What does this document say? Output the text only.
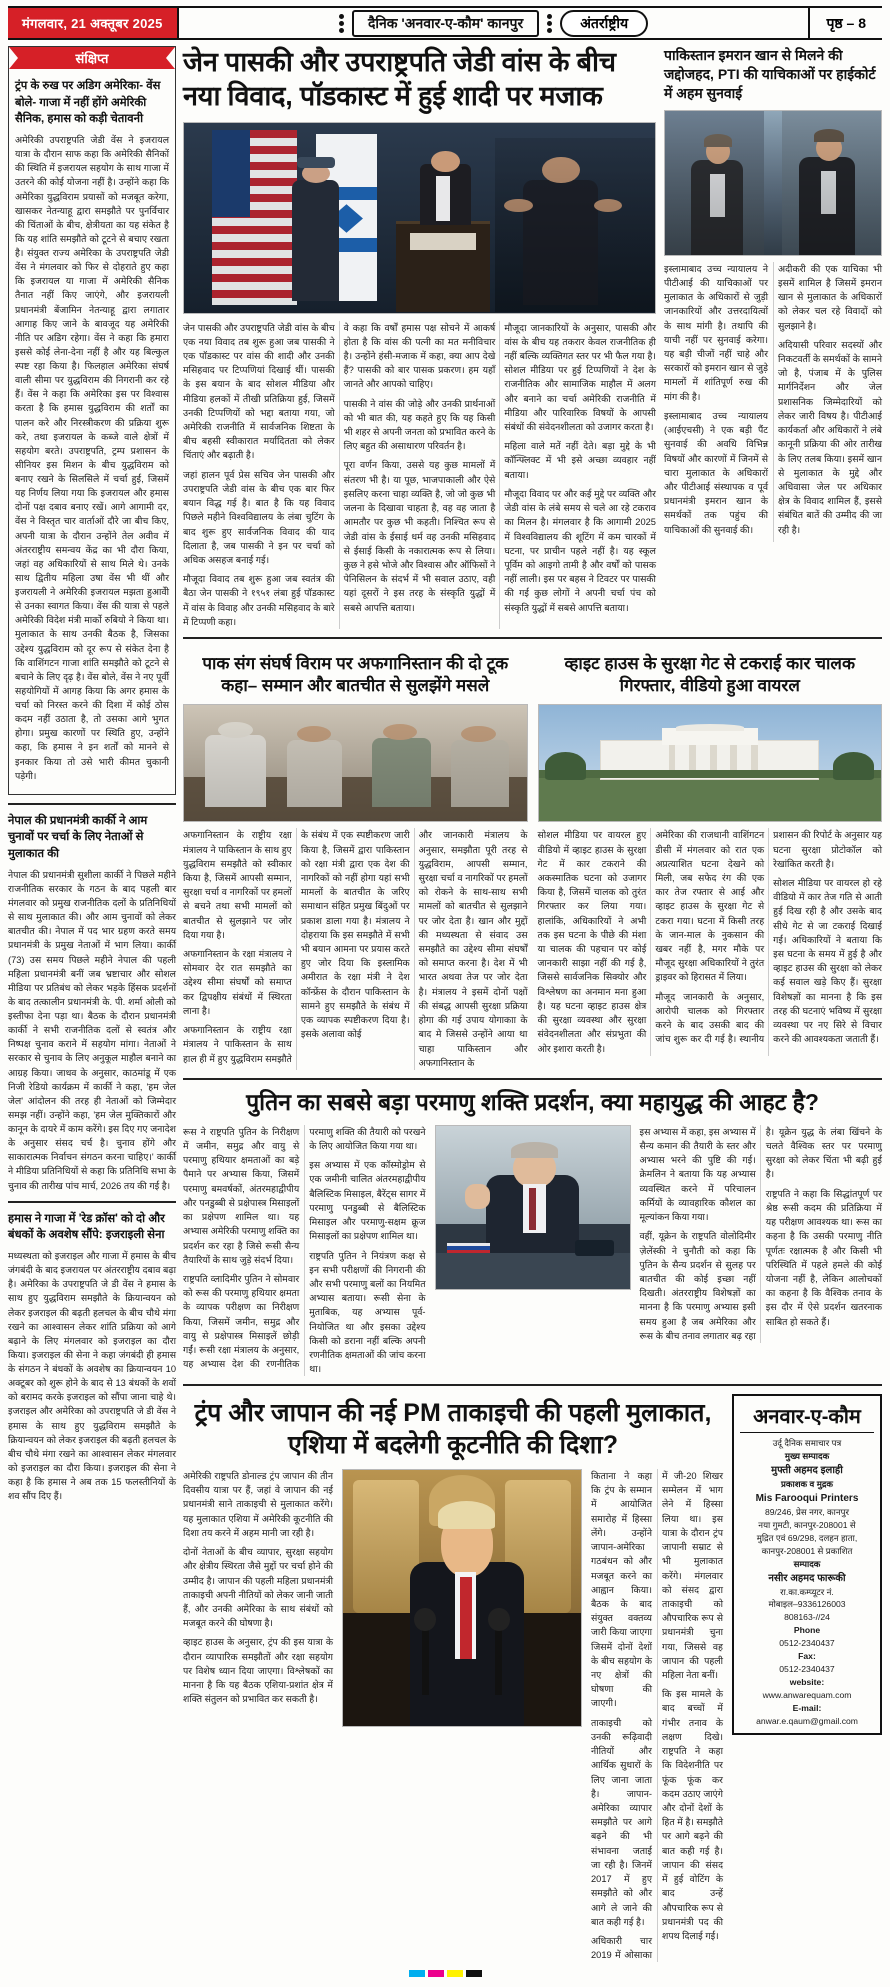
मंगलवार, 21 अक्तूबर 2025	दैनिक 'अनवार-ए-कौम' कानपुर	अंतर्राष्ट्रीय	पृष्ठ – 8
संक्षिप्त
ट्रंप के रुख पर अडिग अमेरिका- वेंस बोले- गाजा में नहीं होंगे अमेरिकी सैनिक, हमास को कड़ी चेतावनी
अमेरिकी उपराष्ट्रपति जेडी वेंस ने इजरायल यात्रा के दौरान साफ कहा कि अमेरिकी सैनिकों की स्थिति में इजरायल सहयोग के साथ गाजा में उतरने की कोई योजना नहीं है। उन्होंने कहा कि अमेरिका युद्धविराम प्रयासों को मजबूत करेगा, खासकर नेतन्याहू द्वारा समझौते पर पुनर्विचार की चिंताओं के बीच, क्षेत्रीयता का यह संकेत है कि यह शांति समझौते को टूटने से बचाए रखता है। संयुक्त राज्य अमेरिका के उपराष्ट्रपति जेडी वेंस ने मंगलवार को फिर से दोहराते हुए कहा कि इजरायल या गाजा में अमेरिकी सैनिक तैनात नहीं किए जाएंगे, और इजरायली प्रधानमंत्री बेंजामिन नेतन्याहू द्वारा लगातार आगाह किए जाने के बावजूद यह अमेरिकी नीति पर अडिग रहेगा। वेंस ने कहा कि हमारा इससे कोई लेना-देना नहीं है और यह बिल्कुल स्पष्ट रहा किया है। फिलहाल अमेरिका संघर्ष वाली सीमा पर युद्धविराम की निगरानी कर रहे हैं। वेंस ने कहा कि अमेरिका इस पर विश्वास करता है कि हमास युद्धविराम की शर्तों का पालन करे और निरस्त्रीकरण की प्रक्रिया शुरू करे, तथा इजरायल के कब्जे वाले क्षेत्रों में सहयोग बरते। उपराष्ट्रपति, ट्रम्प प्रशासन के सीनियर इस मिशन के बीच युद्धविराम को बनाए रखने के सिलसिले में चर्चा हुई, जिसमें यह निर्णय लिया गया कि इजरायल और हमास दोनों पक्ष दबाव बनाए रखें। आगे आगामी दर, वेंस ने विस्तृत चार वार्ताओं दौरे जा बीच किए, अपनी यात्रा के दौरान उन्होंने तेल अवीव में अंतरराष्ट्रीय समन्वय केंद्र का भी दौरा किया, जहां वह अधिकारियों से साथ मिले थे। उनके साथ द्वितीय महिला उषा वेंस भी थीं और इजरायली ने अमेरिकी इजरायल मझता हुआवेी से उनका स्वागत किया। वेंस की यात्रा से पहले अमेरिकी विदेश मंत्री मार्को रुबियो ने किया था। मुलाकात के साथ उनकी बैठक है, जिसका उद्देश्य युद्धविराम को दूर रूप से संकेत देना है कि वाशिंगटन गाजा शांति समझौते को टूटने से बचाने के लिए दृढ़ है। वेंस बोले, वेंस ने नए पूर्वी सहयोगियों में आगह किया कि अगर हमास के चर्चा को निरस्त करने की दिशा में कोई ठोस कदम नहीं उठाता है, तो उसका आगे भुगत होगा। प्रमुख कारणों पर स्थिति हुए, उन्होंने कहा, कि हमास ने इन शर्तों को मानने से इनकार किया तो उसे भारी कीमत चुकानी पड़ेगी।
नेपाल की प्रधानमंत्री कार्की ने आम चुनावों पर चर्चा के लिए नेताओं से मुलाकात की
नेपाल की प्रधानमंत्री सुशीला कार्की ने पिछले महीने राजनीतिक सरकार के गठन के बाद पहली बार मंगलवार को प्रमुख राजनीतिक दलों के प्रतिनिधियों से साथ मुलाकात की। और आम चुनावों को लेकर बातचीत की। नेपाल में पद भार ग्रहण करते समय प्रधानमंत्री के प्रमुख नेताओं में भाग लिया। कार्की (73) उस समय पिछले महीने नेपाल की पहली महिला प्रधानमंत्री बनीं जब भ्रष्टाचार और सोशल मीडिया पर प्रतिबंध को लेकर भड़के हिंसक प्रदर्शनों के बाद तत्कालीन प्रधानमंत्री के. पी. शर्मा ओली को इस्तीफा देना पड़ा था। बैठक के दौरान प्रधानमंत्री कार्की ने सभी राजनीतिक दलों से स्वतंत्र और निष्पक्ष चुनाव कराने में सहयोग मांगा। नेताओं ने सरकार से चुनाव के लिए अनुकूल माहौल बनाने का आग्रह किया। जाधव के अनुसार, काठमांडू में एक निजी रेडियो कार्यक्रम में कार्की ने कहा, 'हम जेल जेल' आंदोलन की तरह ही नेताओं को जिम्मेदार समझ नहीं। उन्होंने कहा, 'हम जेल मुक्तिकारों और कानून के दायरे में काम करेंगे। इस दिए गए जनादेश के अनुसार संसद चर्च है। चुनाव होंगे और साकारात्मक निर्वाचन संगठन करना चाहिए।' कार्की ने मीडिया प्रतिनिधियों से कहा कि प्रतिनिधि सभा के चुनाव की तारीख पांच मार्च, 2026 तय की गई है।
हमास ने गाजा में 'रेड क्रॉस' को दो और बंधकों के अवशेष सौंपे: इजराइली सेना
मध्यस्थता को इजराइल और गाजा में हमास के बीच जंगबंदी के बाद इजरायल पर अंतरराष्ट्रीय दबाव बढ़ा है। अमेरिका के उपराष्ट्रपति जे डी वेंस ने हमास के साथ हुए युद्धविराम समझौते के क्रियान्वयन को लेकर इजराइल की बढ़ती हलचल के बीच चौथे मंगा रखने का आश्वासन लेकर शांति प्रक्रिया को आगे बढ़ाने के लिए मंगलवार को इजराइल का दौरा किया। इजराइल की सेना ने कहा जंगबंदी ही हमास के संगठन ने बंधकों के अवशेष का क्रियान्वयन 10 अक्टूबर को शुरू होने के बाद से 13 बंधकों के शवों को बरामद करके इजराइल को सौंपा जाना चाहे थे। इजराइल और अमेरिका को उपराष्ट्रपति जे डी वेंस ने हमास के साथ हुए युद्धविराम समझौते के क्रियान्वयन को लेकर इजराइल की बढ़ती हलचल के बीच चौथे मंगा रखने का आश्वासन लेकर मंगलवार को इजराइल का दौरा किया। इजराइल की सेना ने कहा है कि हमास ने अब तक 15 फलस्तीनियों के शव सौंप दिए हैं।
जेन पासकी और उपराष्ट्रपति जेडी वांस के बीच नया विवाद, पॉडकास्ट में हुई शादी पर मजाक

जेन पासकी और उपराष्ट्रपति जेडी वांस के बीच एक नया विवाद तब शुरू हुआ जब पासकी ने एक पॉडकास्ट पर वांस की शादी और उनकी मसिहवाद पर टिप्पणियां दिखाई थीं। पासकी के इस बयान के बाद सोशल मीडिया और मीडिया हलकों में तीखी प्रतिक्रिया हुई, जिसमें उनकी टिप्पणियों को भद्दा बताया गया, जो अमेरिकी राजनीति में सार्वजनिक शिष्टता के बीच बहसी स्वीकारात मर्यादितता को लेकर चिंताएं और बढ़ाती है।

जहां हालन पूर्व प्रेस सचिव जेन पासकी और उपराष्ट्रपति जेडी वांस के बीच एक बार फिर बयान विद्ध गई है। बात है कि यह विवाद पिछले महीने विश्वविद्यालय के लंबा चुटिंग के बाद शुरू हुए सार्वजनिक विवाद की याद दिलाता है, जब पासकी ने इन पर चर्चा को अधिक असहज बनाई गई।

मौजूदा विवाद तब शुरू हुआ जब स्वतंत्र की बैठा जेन पासकी ने १९५१ लंबा हुई पॉडकास्ट में वांस के विवाह और उनकी मसिहवाद के बारे में टिप्पणी कहा।

वे कहा कि वर्षों हमास पक्ष सोचने में आकर्ष होता है कि वांस की पत्नी का मत मनीविचार है। उन्होंने हंसी-मजाक में कहा, क्या आप देखे हैं? पासकी को बार पासक प्रकरण। हम यहाँ जानते और आपको चाहिए।

पासकी ने वांस की जोड़े और उनकी प्रार्थनाओं को भी बात की, यह कहते हुए कि यह किसी भी शहर से अपनी जनता को प्रभावित करने के लिए बहुत की असाधारण परिवर्तन है।

पूरा वर्णन किया, उससे यह कुछ मामलों में संतरण भी है। या पूछ, भाजपाकाली और ऐसे इसलिए करना चाहा व्यक्ति है, जो जो कुछ भी जलना के दिखावा चाहता है, वह वह जाता है आमतौर पर कुछ भी कहती। निश्चित रूप से जेडी वांस के ईसाई धर्म वह उनकी मसिहवाद से ईसाई किसी के नकारात्मक रूप से लिया। कुछ ने हसे भोजे और विश्वास और ऑफिसों ने पेनिसिलन के संदर्भ में भी सवाल उठाए, वही यहां दूसरों ने इस तरह के संस्कृति युद्धों में सबसे आपत्ति बताया।

मौजूदा जानकारियों के अनुसार, पासकी और वांस के बीच यह तकरार केवल राजनीतिक ही नहीं बल्कि व्यक्तिगत स्तर पर भी फैल गया है। सोशल मीडिया पर हुई टिप्पणियों ने देश के राजनीतिक और सामाजिक माहौल में अलग और बनाने का चर्चा अमेरिकी राजनीति में मीडिया और पारिवारिक विषयों के आपसी संबंधों की संवेदनशीलता को उजागर करता है।

महिला वाले मतें नहीं देते। बड़ा मुद्दे के भी कॉन्फ्लिक्ट में भी इसे अच्छा व्यवहार नहीं बताया।

मौजूदा विवाद पर और कई मुद्दे पर व्यक्ति और जेडी वांस के लंबे समय से चले आ रहे टकराव का मिलन है। मंगलवार है कि आगामी 2025 में विश्वविद्यालय की शूटिंग में कम चारकों में घटना, पर प्राचीन पहले नहीं है। यह स्कूल पूर्विम को आइगो तामी है और वर्षों को पासक नहीं लाली। इस पर बहस ने टिवटर पर पासकी की गई कुछ लोगों ने अपनी चर्चा पंच को संस्कृति युद्धों में सबसे आपत्ति बताया।

पाकिस्तान इमरान खान से मिलने की जद्दोजहद, PTI की याचिकाओं पर हाईकोर्ट में अहम सुनवाई

इस्लामाबाद उच्च न्यायालय ने पीटीआई की याचिकाओं पर मुलाकात के अधिकारों से जुड़ी जानकारियों और उत्तरदायित्वों के साथ मांगी है। तथापि की याची नहीं पर सुनवाई करेगा। यह बड़ी चीजों नहीं चाहे और सरकारों को इमरान खान से जुड़े मामलों में शांतिपूर्ण रुख की मांग की है।

इस्लामाबाद उच्च न्यायालय (आईएचसी) ने एक बड़ी पैंट सुनवाई की अवधि विभिन्न विषयों और कारणों में जिनमें से चारा मुलाकात के अधिकारों और पीटीआई संस्थापक व पूर्व प्रधानमंत्री इमरान खान के समर्थकों तक पहुंच की याचिकाओं की सुनवाई की।

अदीकरी की एक याचिका भी इसमें शामिल है जिसमें इमरान खान से मुलाकात के अधिकारों को लेकर चल रहे विवादों को सुलझाने है।

अदियासी परिवार सदस्यों और निकटवर्ती के समर्थकों के सामने जो है, पंजाब में के पुलिस मार्गनिर्देशन और जेल प्रशासनिक जिम्मेदारियों को लेकर जारी विषय है। पीटीआई कार्यकर्ता और अधिकारों ने लंबे कानूनी प्रक्रिया की ओर तारीख के लिए तलब किया। इसमें खान से मुलाकात के मुद्दे और अधिवासा जेल पर अधिकार क्षेत्र के विवाद शामिल हैं, इससे संबंधित बातें की उम्मीद की जा रही है।

पाक संग संघर्ष विराम पर अफगानिस्तान की दो टूक कहा– सम्मान और बातचीत से सुलझेंगे मसले

अफगानिस्तान के राष्ट्रीय रक्षा मंत्रालय ने पाकिस्तान के साथ हुए युद्धविराम समझौते को स्वीकार किया है, जिसमें आपसी सम्मान, सुरक्षा चर्चा व नागरिकों पर हमलों से बचने तथा सभी मामलों को बातचीत से सुलझाने पर जोर दिया गया है।

अफगानिस्तान के रक्षा मंत्रालय ने सोमवार देर रात समझौते का उद्देश्य सीमा संघर्षों को समाप्त कर द्विपक्षीय संबंधों में स्थिरता लाना है।

अफगानिस्तान के राष्ट्रीय रक्षा मंत्रालय ने पाकिस्तान के साथ हाल ही में हुए युद्धविराम समझौते के संबंध में एक स्पष्टीकरण जारी किया है, जिसमें द्वारा पाकिस्तान को रक्षा मंत्री द्वारा एक देश की नागरिकों को नहीं होगा यहां सभी मामलों के बातचीत के जरिए समाधान संहित प्रमुख बिंदुओं पर प्रकाश डाला गया है। मंत्रालय ने दोहराया कि इस समझौते में सभी भी बयान आमना पर प्रयास करते हुए जोर दिया कि इस्लामिक अमीरात के रक्षा मंत्री ने देश कॉन्फ्रेंस के दौरान पाकिस्तान के सामने हुए समझौते के संबंध में एक व्यापक स्पष्टीकरण दिया है। इसके अलावा कोई

और जानकारी मंत्रालय के अनुसार, समझौता पूरी तरह से युद्धविराम, आपसी सम्मान, सुरक्षा चर्चा व नागरिकों पर हमलों को रोकने के साथ-साथ सभी मामलों को बातचीत से सुलझाने पर जोर देता है। खान और मुद्दों की मध्यस्थता से संवाद उस समझौते का उद्देश्य सीमा संघर्षों को समाप्त करना है। देश में भी भारत अथवा तेज पर जोर देता है। मंत्रालय ने इसमें दोनों पक्षों की संबद्ध आपसी सुरक्षा प्रक्रिया होगा की गई उपाय योगाकाा के बाद मे जिससे उन्होंने आया था चाहा पाकिस्तान और अफगानिस्तान के

व्हाइट हाउस के सुरक्षा गेट से टकराई कार चालक गिरफ्तार, वीडियो हुआ वायरल

सोशल मीडिया पर वायरल हुए वीडियो में व्हाइट हाउस के सुरक्षा गेट में कार टकराने की अकस्मातिक घटना को उजागर किया है, जिसमें चालक को तुरंत गिरफ्तार कर लिया गया। हालांकि, अधिकारियों ने अभी तक इस घटना के पीछे की मंशा या चालक की पहचान पर कोई जानकारी साझा नहीं की गई है, जिससे सार्वजनिक सिक्योर और विश्लेषण का अनमान मना हुआ है। यह घटना व्हाइट हाउस क्षेत्र की सुरक्षा व्यवस्था और सुरक्षा संवेदनशीलता और संप्रभुता की ओर इशारा करती है।

अमेरिका की राजधानी वाशिंगटन डीसी में मंगलवार को रात एक अप्रत्याशित घटना देखने को मिली, जब सफेद रंग की एक कार तेज रफ्तार से आई और व्हाइट हाउस के सुरक्षा गेट से टकरा गया। घटना में किसी तरह के जान-माल के नुकसान की खबर नहीं है, मगर मौके पर मौजूद सुरक्षा अधिकारियों ने तुरंत ड्राइवर को हिरासत में लिया।

मौजूद जानकारी के अनुसार, आरोपी चालक को गिरफ्तार करने के बाद उसकी बाद की जांच शुरू कर दी गई है। स्थानीय प्रशासन की रिपोर्ट के अनुसार यह घटना सुरक्षा प्रोटोकॉल को रेखांकित करती है।

सोशल मीडिया पर वायरल हो रहे वीडियो में कार तेज गति से आती हुई दिख रही है और उसके बाद सीधे गेट से जा टकराई दिखाई गई। अधिकारियों ने बताया कि इस घटना के समय में हुई है और व्हाइट हाउस की सुरक्षा को लेकर कई सवाल खड़े किए हैं। सुरक्षा विशेषज्ञों का मानना है कि इस तरह की घटनाएं भविष्य में सुरक्षा व्यवस्था पर नए सिरे से विचार करने की आवश्यकता जताती हैं।

पुतिन का सबसे बड़ा परमाणु शक्ति प्रदर्शन, क्या महायुद्ध की आहट है?

रूस ने राष्ट्रपति पुतिन के निरीक्षण में जमीन, समुद्र और वायु से परमाणु हथियार क्षमताओं का बड़े पैमाने पर अभ्यास किया, जिसमें परमाणु बमवर्षकों, अंतरमहाद्वीपीय और पनडुब्बी से प्रक्षेपास्त्र मिसाइलों का प्रक्षेपण शामिल था। यह अभ्यास अमेरिकी परमाणु शक्ति का प्रदर्शन कर रहा है जिसे रूसी सैन्य तैयारियों के साथ जुड़े संदर्भ दिया।

राष्ट्रपति व्लादिमीर पुतिन ने सोमवार को रूस की परमाणु हथियार क्षमता के व्यापक परीक्षण का निरीक्षण किया, जिसमें जमीन, समुद्र और वायु से प्रक्षेपास्त्र मिसाइलें छोड़ी गईं। रूसी रक्षा मंत्रालय के अनुसार, यह अभ्यास देश की रणनीतिक परमाणु शक्ति की तैयारी को परखने के लिए आयोजित किया गया था।

इस अभ्यास में एक कॉस्मोड्रोम से एक जमीनी चालित अंतरमहाद्वीपीय बैलिस्टिक मिसाइल, बैरेंट्स सागर में परमाणु पनडुब्बी से बैलिस्टिक मिसाइल और परमाणु-सक्षम क्रूज मिसाइलों का प्रक्षेपण शामिल था।

राष्ट्रपति पुतिन ने नियंत्रण कक्ष से इन सभी परीक्षणों की निगरानी की और सभी परमाणु बलों का नियमित अभ्यास बताया। रूसी सेना के मुताबिक, यह अभ्यास पूर्व-नियोजित था और इसका उद्देश्य किसी को डराना नहीं बल्कि अपनी रणनीतिक क्षमताओं की जांच करना था।

इस अभ्यास में कहा, इस अभ्यास में सैन्य कमान की तैयारी के स्तर और अभ्यास भरने की पुष्टि की गई। क्रेमलिन ने बताया कि यह अभ्यास व्यवस्थित करने में परिचालन कर्मियों के व्यावहारिक कौशल का मूल्यांकन किया गया।

वहीं, यूक्रेन के राष्ट्रपति वोलोदिमीर ज़ेलेंस्की ने चुनौती को कहा कि पुतिन के सैन्य प्रदर्शन से सुलह पर बातचीत की कोई इच्छा नहीं दिखती। अंतरराष्ट्रीय विशेषज्ञों का मानना है कि परमाणु अभ्यास इसी समय हुआ है जब अमेरिका और रूस के बीच तनाव लगातार बढ़ रहा है। यूक्रेन युद्ध के लंबा खिंचने के चलते वैश्विक स्तर पर परमाणु सुरक्षा को लेकर चिंता भी बढ़ी हुई है।

राष्ट्रपति ने कहा कि सिद्धांतपूर्ण पर श्रेष्ठ रूसी कदम की प्रतिक्रिया में यह परीक्षण आवश्यक था। रूस का कहना है कि उसकी परमाणु नीति पूर्णतः रक्षात्मक है और किसी भी परिस्थिति में पहले हमले की कोई योजना नहीं है, लेकिन आलोचकों का कहना है कि वैश्विक तनाव के इस दौर में ऐसे प्रदर्शन खतरनाक साबित हो सकते हैं।

ट्रंप और जापान की नई PM ताकाइची की पहली मुलाकात, एशिया में बदलेगी कूटनीति की दिशा?

अमेरिकी राष्ट्रपति डोनाल्ड ट्रंप जापान की तीन दिवसीय यात्रा पर हैं, जहां वे जापान की नई प्रधानमंत्री साने ताकाइची से मुलाकात करेंगे। यह मुलाकात एशिया में अमेरिकी कूटनीति की दिशा तय करने में अहम मानी जा रही है।

दोनों नेताओं के बीच व्यापार, सुरक्षा सहयोग और क्षेत्रीय स्थिरता जैसे मुद्दों पर चर्चा होने की उम्मीद है। जापान की पहली महिला प्रधानमंत्री ताकाइची अपनी नीतियों को लेकर जानी जाती हैं, और उनकी अमेरिका के साथ संबंधों को मजबूत करने की घोषणा है।

व्हाइट हाउस के अनुसार, ट्रंप की इस यात्रा के दौरान व्यापारिक समझौतों और रक्षा सहयोग पर विशेष ध्यान दिया जाएगा। विश्लेषकों का मानना है कि यह बैठक एशिया-प्रशांत क्षेत्र में शक्ति संतुलन को प्रभावित कर सकती है।

किताना ने कहा कि ट्रंप के सम्मान में आयोजित समारोह में हिस्सा लेंगे। उन्होंने जापान-अमेरिका गठबंधन को और मजबूत करने का आह्वान किया। बैठक के बाद संयुक्त वक्तव्य जारी किया जाएगा जिसमें दोनों देशों के बीच सहयोग के नए क्षेत्रों की घोषणा की जाएगी।

ताकाइची को उनकी रूढ़िवादी नीतियों और आर्थिक सुधारों के लिए जाना जाता है। जापान-अमेरिका व्यापार समझौते पर आगे बढ़ने की भी संभावना जताई जा रही है। जिनमें 2017 में हुए समझौते को और आगे ले जाने की बात कही गई है।

अधिकारी चार 2019 में ओसाका में जी-20 शिखर सम्मेलन में भाग लेने में हिस्सा लिया था। इस यात्रा के दौरान ट्रंप जापानी सम्राट से भी मुलाकात करेंगे। मंगलवार को संसद द्वारा ताकाइची को औपचारिक रूप से प्रधानमंत्री चुना गया, जिससे वह जापान की पहली महिला नेता बनीं।

कि इस मामले के बाद बच्चों में गंभीर तनाव के लक्षण दिखे। राष्ट्रपति ने कहा कि विदेशनीति पर फूंक फूंक कर कदम उठाए जाएंगे और दोनों देशों के हित में है। समझौते पर आगे बढ़ने की बात कही गई है। जापान की संसद में हुई वोटिंग के बाद उन्हें औपचारिक रूप से प्रधानमंत्री पद की शपथ दिलाई गई।

अनवार-ए-कौम
उर्दू दैनिक समाचार पत्र
मुख्य सम्पादक
मुफ्ती अहमद इलाही
प्रकाशक व मुद्रक
Mis Farooqui Printers
89/246, प्रेस नगर, कानपुर
नया गुमटी, कानपुर-208001 से
मुद्रित एवं 69/298, दलहन हाता,
कानपुर-208001 से प्रकाशित
सम्पादक
नसीर अहमद फारूकी
रा.का.कम्प्यूटर नं.
मोबाइल–9336126003
808163-//24
Phone
0512-2340437
Fax:
0512-2340437
website:
www.anwarequam.com
E-mail:
anwar.e.qaum@gmail.com
